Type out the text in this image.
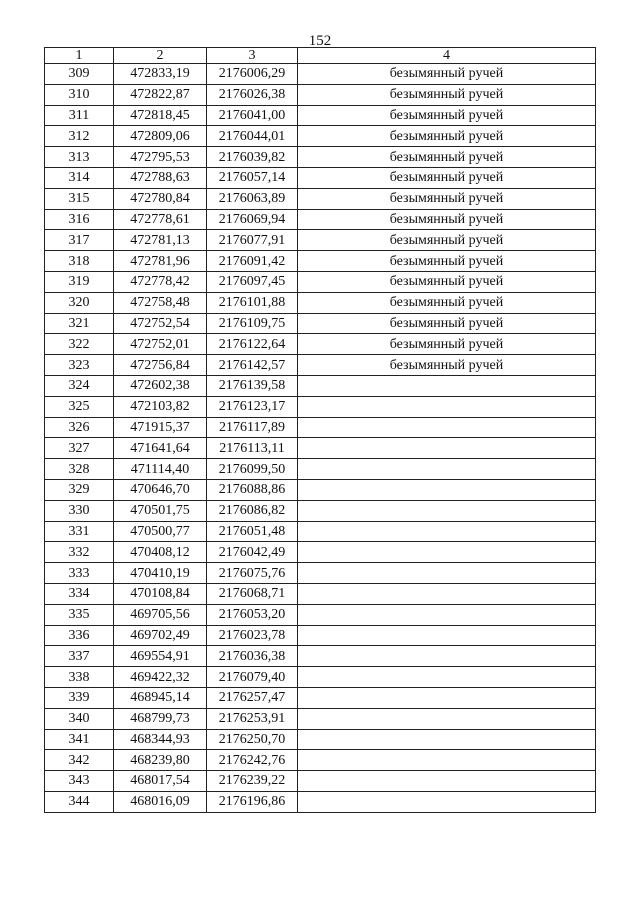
152
1	2	3	4
309	472833,19	2176006,29	безымянный ручей
310	472822,87	2176026,38	безымянный ручей
311	472818,45	2176041,00	безымянный ручей
312	472809,06	2176044,01	безымянный ручей
313	472795,53	2176039,82	безымянный ручей
314	472788,63	2176057,14	безымянный ручей
315	472780,84	2176063,89	безымянный ручей
316	472778,61	2176069,94	безымянный ручей
317	472781,13	2176077,91	безымянный ручей
318	472781,96	2176091,42	безымянный ручей
319	472778,42	2176097,45	безымянный ручей
320	472758,48	2176101,88	безымянный ручей
321	472752,54	2176109,75	безымянный ручей
322	472752,01	2176122,64	безымянный ручей
323	472756,84	2176142,57	безымянный ручей
324	472602,38	2176139,58	
325	472103,82	2176123,17	
326	471915,37	2176117,89	
327	471641,64	2176113,11	
328	471114,40	2176099,50	
329	470646,70	2176088,86	
330	470501,75	2176086,82	
331	470500,77	2176051,48	
332	470408,12	2176042,49	
333	470410,19	2176075,76	
334	470108,84	2176068,71	
335	469705,56	2176053,20	
336	469702,49	2176023,78	
337	469554,91	2176036,38	
338	469422,32	2176079,40	
339	468945,14	2176257,47	
340	468799,73	2176253,91	
341	468344,93	2176250,70	
342	468239,80	2176242,76	
343	468017,54	2176239,22	
344	468016,09	2176196,86	
